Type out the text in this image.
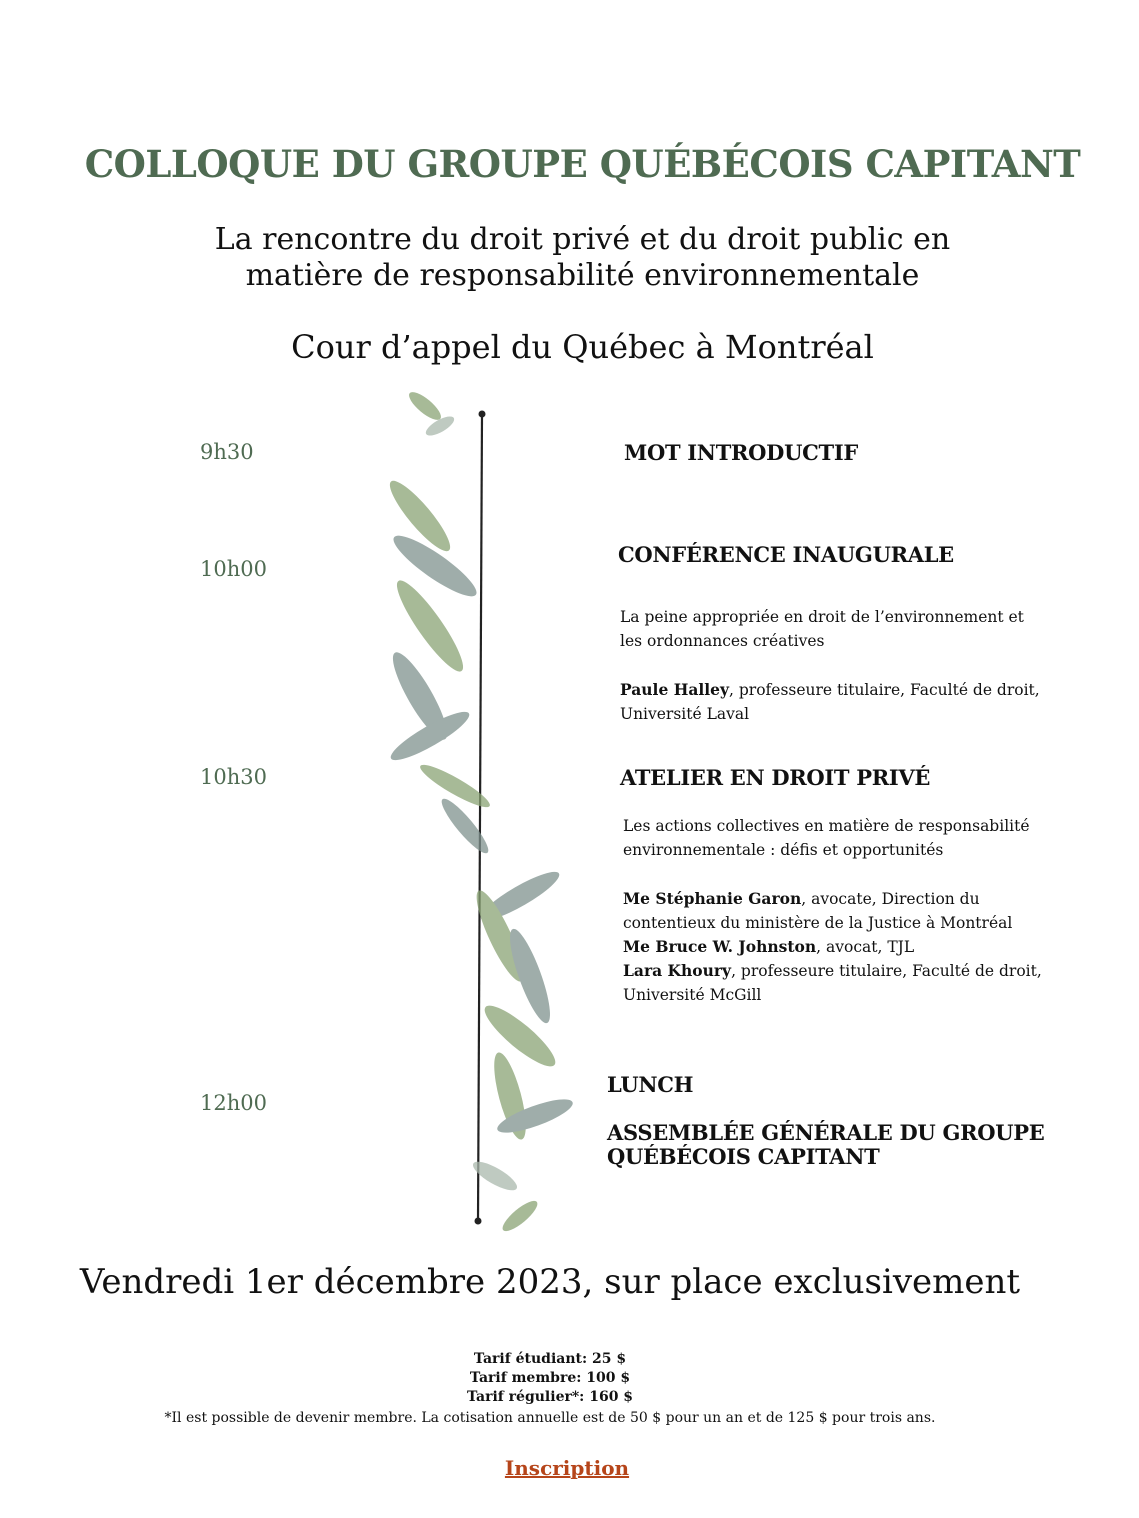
COLLOQUE DU GROUPE QUÉBÉCOIS CAPITANT
La rencontre du droit privé et du droit public en
matière de responsabilité environnementale
Cour d’appel du Québec à Montréal
9h30	MOT INTRODUCTIF
10h00
CONFÉRENCE INAUGURALE
La peine appropriée en droit de l’environnement et
les ordonnances créatives
Paule Halley, professeure titulaire, Faculté de droit,
Université Laval
10h30	ATELIER EN DROIT PRIVÉ
Les actions collectives en matière de responsabilité
environnementale : défis et opportunités
Me Stéphanie Garon, avocate, Direction du
contentieux du ministère de la Justice à Montréal
Me Bruce W. Johnston, avocat, TJL
Lara Khoury, professeure titulaire, Faculté de droit,
Université McGill
12h00
LUNCH
ASSEMBLÉE GÉNÉRALE DU GROUPE
QUÉBÉCOIS CAPITANT
Vendredi 1er décembre 2023, sur place exclusivement
Tarif étudiant: 25 $
Tarif membre: 100 $
Tarif régulier*: 160 $
*Il est possible de devenir membre. La cotisation annuelle est de 50 $ pour un an et de 125 $ pour trois ans.
Inscription
